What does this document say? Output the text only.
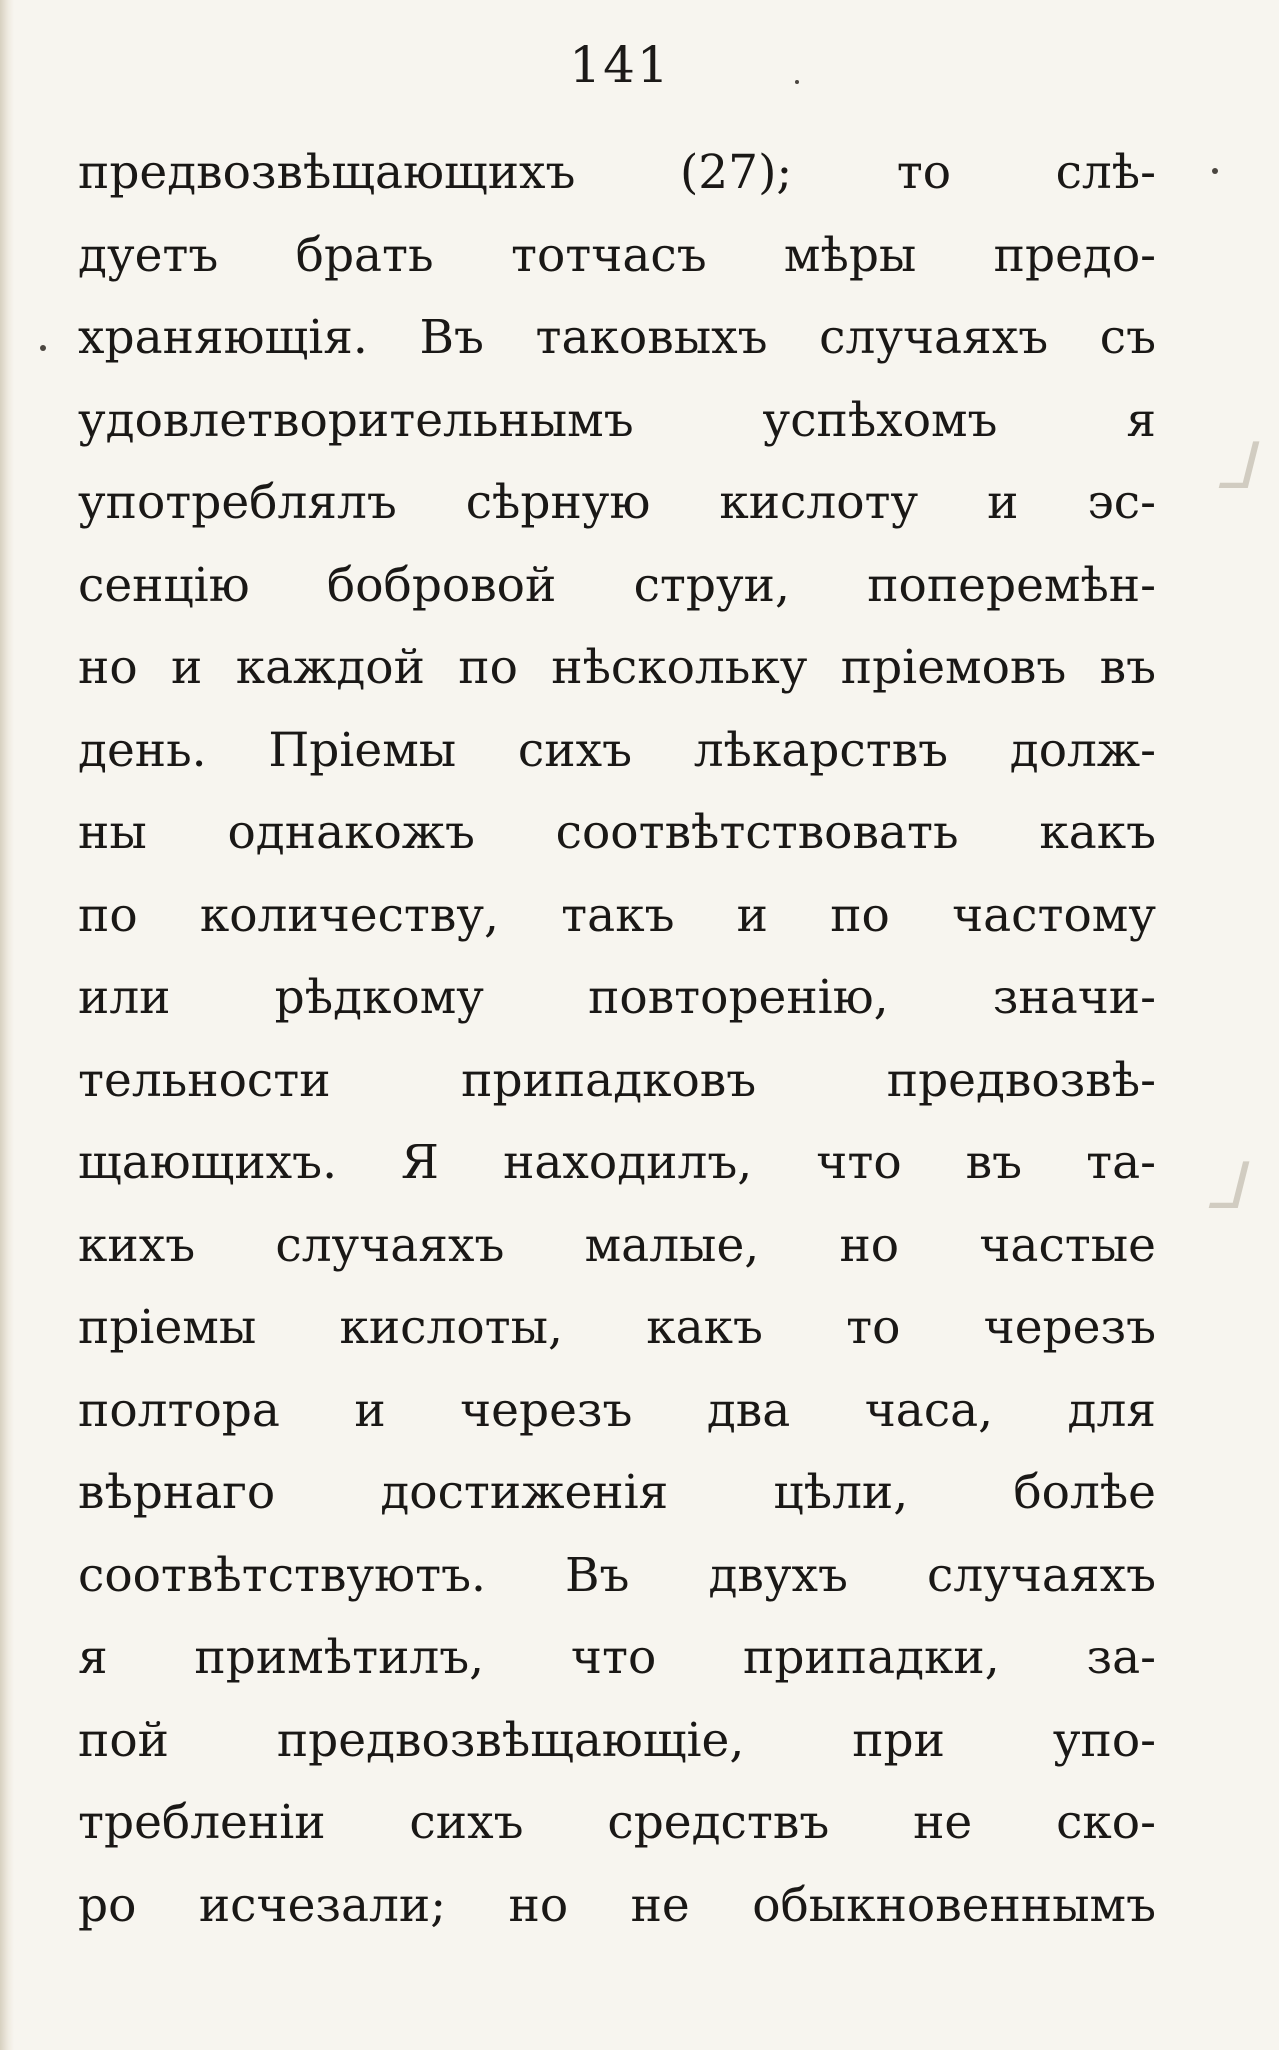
141
предвозвѣщающихъ (27); то слѣ-
дуетъ брать тотчасъ мѣры предо-
храняющія. Въ таковыхъ случаяхъ съ
удовлетворительнымъ успѣхомъ я
употреблялъ сѣрную кислоту и эс-
сенцію бобровой струи, поперемѣн-
но и каждой по нѣскольку пріемовъ въ
день. Пріемы сихъ лѣкарствъ долж-
ны однакожъ соотвѣтствовать какъ
по количеству, такъ и по частому
или рѣдкому повторенію, значи-
тельности припадковъ предвозвѣ-
щающихъ. Я находилъ, что въ та-
кихъ случаяхъ малые, но частые
пріемы кислоты, какъ то черезъ
полтора и черезъ два часа, для
вѣрнаго достиженія цѣли, болѣе
соотвѣтствуютъ. Въ двухъ случаяхъ
я примѣтилъ, что припадки, за-
пой предвозвѣщающіе, при упо-
требленіи сихъ средствъ не ско-
ро исчезали; но не обыкновеннымъ
ᒧ
ᒧ
